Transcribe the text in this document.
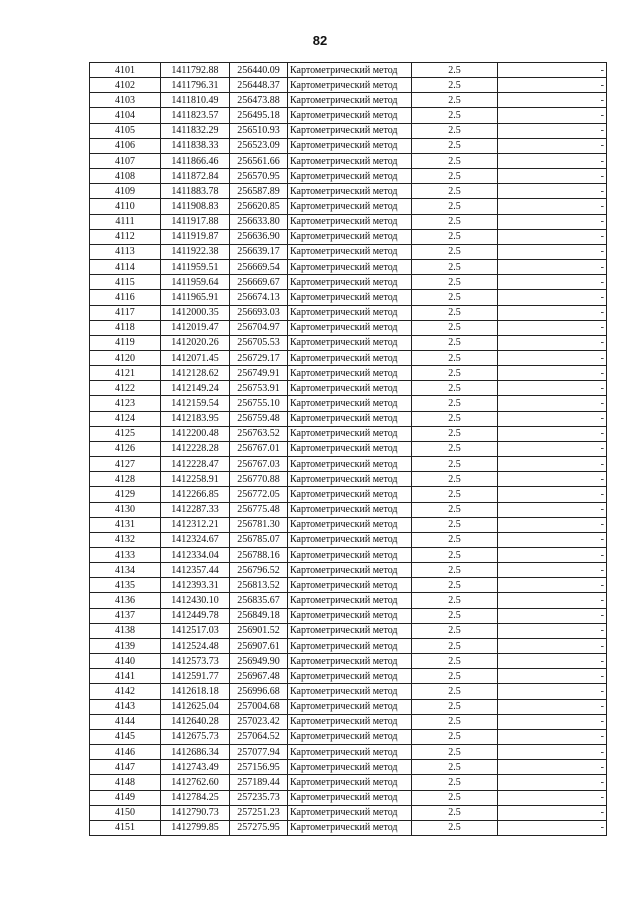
82
4101	1411792.88	256440.09	Картометрический метод	2.5	-
4102	1411796.31	256448.37	Картометрический метод	2.5	-
4103	1411810.49	256473.88	Картометрический метод	2.5	-
4104	1411823.57	256495.18	Картометрический метод	2.5	-
4105	1411832.29	256510.93	Картометрический метод	2.5	-
4106	1411838.33	256523.09	Картометрический метод	2.5	-
4107	1411866.46	256561.66	Картометрический метод	2.5	-
4108	1411872.84	256570.95	Картометрический метод	2.5	-
4109	1411883.78	256587.89	Картометрический метод	2.5	-
4110	1411908.83	256620.85	Картометрический метод	2.5	-
4111	1411917.88	256633.80	Картометрический метод	2.5	-
4112	1411919.87	256636.90	Картометрический метод	2.5	-
4113	1411922.38	256639.17	Картометрический метод	2.5	-
4114	1411959.51	256669.54	Картометрический метод	2.5	-
4115	1411959.64	256669.67	Картометрический метод	2.5	-
4116	1411965.91	256674.13	Картометрический метод	2.5	-
4117	1412000.35	256693.03	Картометрический метод	2.5	-
4118	1412019.47	256704.97	Картометрический метод	2.5	-
4119	1412020.26	256705.53	Картометрический метод	2.5	-
4120	1412071.45	256729.17	Картометрический метод	2.5	-
4121	1412128.62	256749.91	Картометрический метод	2.5	-
4122	1412149.24	256753.91	Картометрический метод	2.5	-
4123	1412159.54	256755.10	Картометрический метод	2.5	-
4124	1412183.95	256759.48	Картометрический метод	2.5	-
4125	1412200.48	256763.52	Картометрический метод	2.5	-
4126	1412228.28	256767.01	Картометрический метод	2.5	-
4127	1412228.47	256767.03	Картометрический метод	2.5	-
4128	1412258.91	256770.88	Картометрический метод	2.5	-
4129	1412266.85	256772.05	Картометрический метод	2.5	-
4130	1412287.33	256775.48	Картометрический метод	2.5	-
4131	1412312.21	256781.30	Картометрический метод	2.5	-
4132	1412324.67	256785.07	Картометрический метод	2.5	-
4133	1412334.04	256788.16	Картометрический метод	2.5	-
4134	1412357.44	256796.52	Картометрический метод	2.5	-
4135	1412393.31	256813.52	Картометрический метод	2.5	-
4136	1412430.10	256835.67	Картометрический метод	2.5	-
4137	1412449.78	256849.18	Картометрический метод	2.5	-
4138	1412517.03	256901.52	Картометрический метод	2.5	-
4139	1412524.48	256907.61	Картометрический метод	2.5	-
4140	1412573.73	256949.90	Картометрический метод	2.5	-
4141	1412591.77	256967.48	Картометрический метод	2.5	-
4142	1412618.18	256996.68	Картометрический метод	2.5	-
4143	1412625.04	257004.68	Картометрический метод	2.5	-
4144	1412640.28	257023.42	Картометрический метод	2.5	-
4145	1412675.73	257064.52	Картометрический метод	2.5	-
4146	1412686.34	257077.94	Картометрический метод	2.5	-
4147	1412743.49	257156.95	Картометрический метод	2.5	-
4148	1412762.60	257189.44	Картометрический метод	2.5	-
4149	1412784.25	257235.73	Картометрический метод	2.5	-
4150	1412790.73	257251.23	Картометрический метод	2.5	-
4151	1412799.85	257275.95	Картометрический метод	2.5	-
